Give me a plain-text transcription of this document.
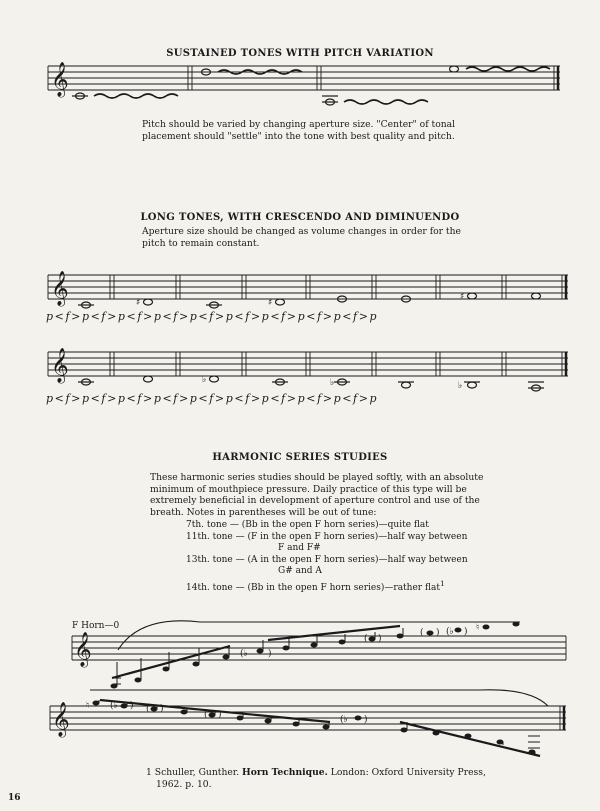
SUSTAINED TONES WITH PITCH VARIATION
𝄞
𝄞	♯	♯
♯
𝄞	♭	♭	♭
𝄞	(♭ )
( )
( ) (♭ ) ♮
𝄞 ♮ (♭ ) ( )
( )	(♭ )
Pitch should be varied by changing aperture size. "Center" of tonal placement should "settle" into the tone with best quality and pitch.
LONG TONES, WITH CRESCENDO AND DIMINUENDO
Aperture size should be changed as volume changes in order for the pitch to remain constant.
p<f>p<f>p<f>p<f>p<f>p<f>p<f>p<f>p<f>p
p<f>p<f>p<f>p<f>p<f>p<f>p<f>p<f>p<f>p
HARMONIC SERIES STUDIES
These harmonic series studies should be played softly, with an absolute minimum of mouthpiece pressure. Daily practice of this type will be extremely beneficial in development of aperture control and use of the breath. Notes in parentheses will be out of tune:
7th. tone — (Bb in the open F horn series)—quite flat
11th. tone — (F in the open F horn series)—half way between
F and F#
13th. tone — (A in the open F horn series)—half way between
G# and A
14th. tone — (Bb in the open F horn series)—rather flat$^1$
F Horn—0
1 Schuller, Gunther. Horn Technique. London: Oxford University Press,
1962. p. 10.
16
